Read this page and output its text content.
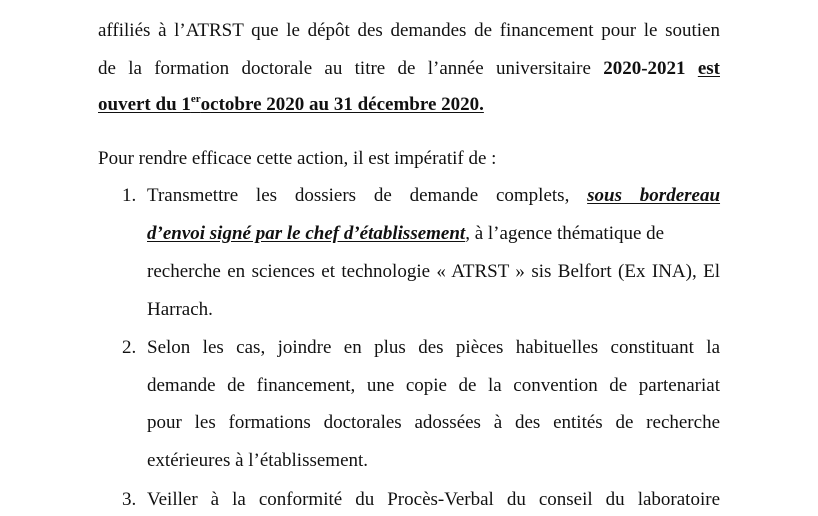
affiliés à l’ATRST que le dépôt des demandes de financement pour le soutien
de la formation doctorale au titre de l’année universitaire 2020-2021 est
ouvert du 1eroctobre 2020 au 31 décembre 2020.
Pour rendre efficace cette action, il est impératif de :
1. Transmettre les dossiers de demande complets, sous bordereau
d’envoi signé par le chef d’établissement, à l’agence thématique de
recherche en sciences et technologie « ATRST » sis Belfort (Ex INA), El
Harrach.
2. Selon les cas, joindre en plus des pièces habituelles constituant la
demande de financement, une copie de la convention de partenariat
pour les formations doctorales adossées à des entités de recherche
extérieures à l’établissement.
3. Veiller à la conformité du Procès-Verbal du conseil du laboratoire
